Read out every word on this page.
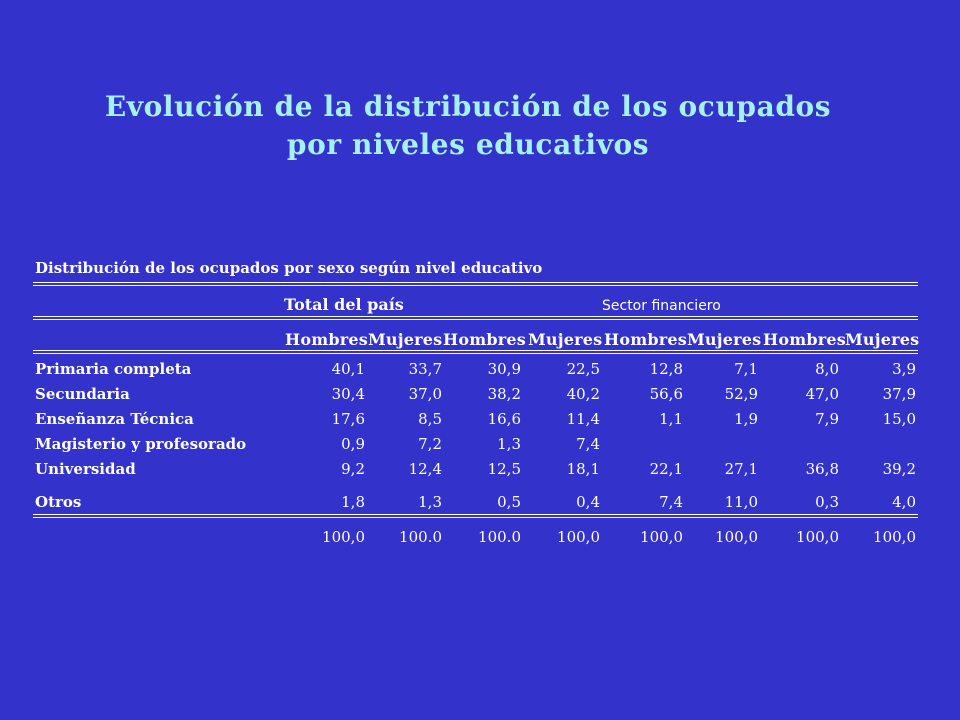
Evolución de la distribución de los ocupados
por niveles educativos
Distribución de los ocupados por sexo según nivel educativo
Total del país	Sector financiero
Hombres Mujeres Hombres Mujeres Hombres Mujeres Hombres Mujeres
Primaria completa	40,1	33,7	30,9	22,5	12,8	7,1	8,0	3,9
Secundaria	30,4	37,0	38,2	40,2	56,6	52,9	47,0	37,9
Enseñanza Técnica	17,6	8,5	16,6	11,4	1,1	1,9	7,9	15,0
Magisterio y profesorado	0,9	7,2	1,3	7,4
Universidad	9,2	12,4	12,5	18,1	22,1	27,1	36,8	39,2
Otros	1,8	1,3	0,5	0,4	7,4	11,0	0,3	4,0
100,0	100.0	100.0	100,0	100,0	100,0	100,0	100,0
